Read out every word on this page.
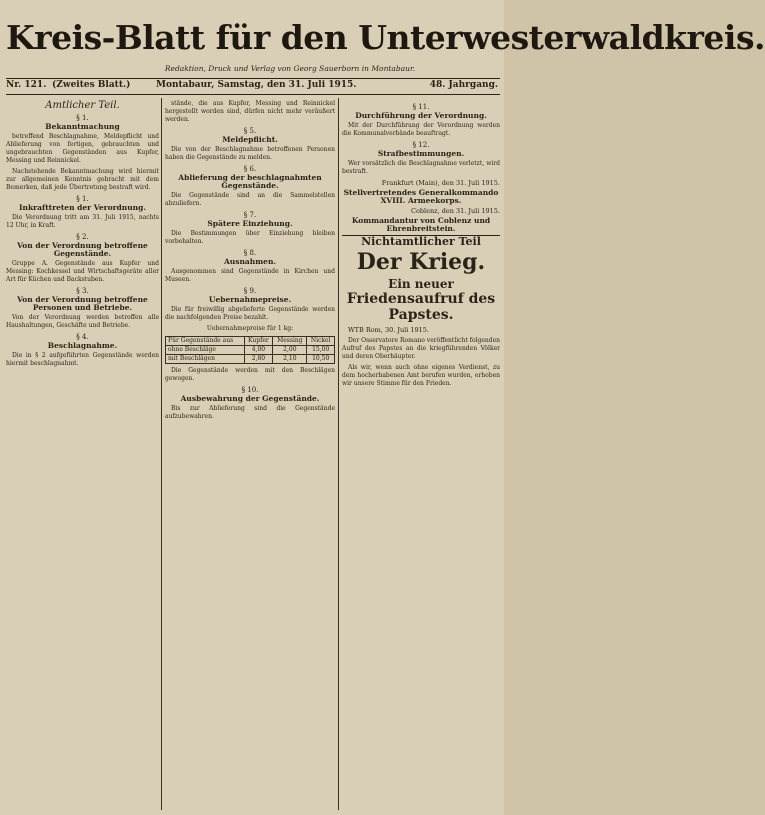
Kreis-Blatt für den Unterwesterwaldkreis.
Redaktion, Druck und Verlag von Georg Sauerborn in Montabaur.
Nr. 121. (Zweites Blatt.)	Montabaur, Samstag, den 31. Juli 1915.	48. Jahrgang.
Amtlicher Teil.
§ 1.
Bekanntmachung

betreffend Beschlagnahme, Meldepflicht und Ablieferung von fertigen, gebrauchten und ungebrauchten Gegenständen aus Kupfer, Messing und Reinnickel.

Nachstehende Bekanntmachung wird hiermit zur allgemeinen Kenntnis gebracht mit dem Bemerken, daß jede Übertretung bestraft wird.

§ 1.
Inkrafttreten der Verordnung.

Die Verordnung tritt am 31. Juli 1915, nachts 12 Uhr, in Kraft.

§ 2.
Von der Verordnung betroffene Gegenstände.

Gruppe A. Gegenstände aus Kupfer und Messing: Kochkessel und Wirtschaftsgeräte aller Art für Küchen und Backstuben.

§ 3.
Von der Verordnung betroffene Personen und Betriebe.

Von der Verordnung werden betroffen alle Haushaltungen, Geschäfte und Betriebe.

§ 4.
Beschlagnahme.

Die in § 2 aufgeführten Gegenstände werden hiermit beschlagnahmt.

stände, die aus Kupfer, Messing und Reinnickel hergestellt worden sind, dürfen nicht mehr veräußert werden.

§ 5.
Meldepflicht.

Die von der Beschlagnahme betroffenen Personen haben die Gegenstände zu melden.

§ 6.
Ablieferung der beschlagnahmten Gegenstände.

Die Gegenstände sind an die Sammelstellen abzuliefern.

§ 7.
Spätere Einziehung.

Die Bestimmungen über Einziehung bleiben vorbehalten.

§ 8.
Ausnahmen.

Ausgenommen sind Gegenstände in Kirchen und Museen.

§ 9.
Uebernahmepreise.

Die für freiwillig abgelieferte Gegenstände werden die nachfolgenden Preise bezahlt.

Uebernahmepreise für 1 kg:
Für Gegenstände aus	Kupfer	Messing	Nickel
ohne Beschläge	4,00	2,00	15,00
mit Beschlägen	2,80	2,10	10,50

Die Gegenstände werden mit den Beschlägen gewogen.

§ 10.
Ausbewahrung der Gegenstände.

Bis zur Ablieferung sind die Gegenstände aufzubewahren.

§ 11.
Durchführung der Verordnung.

Mit der Durchführung der Verordnung werden die Kommunalverbände beauftragt.

§ 12.
Strafbestimmungen.

Wer vorsätzlich die Beschlagnahme verletzt, wird bestraft.

Frankfurt (Main), den 31. Juli 1915.
Stellvertretendes Generalkommando XVIII. Armeekorps.
Coblenz, den 31. Juli 1915.
Kommandantur von Coblenz und Ehrenbreitstein.
Nichtamtlicher Teil
Der Krieg.
Ein neuer
Friedensaufruf des Papstes.
WTB Rom, 30. Juli 1915.

Der Osservatore Romano veröffentlicht folgenden Aufruf des Papstes an die kriegführenden Völker und deren Oberhäupter.

Als wir, wenn auch ohne eigenes Verdienst, zu dem hocherhabenen Amt berufen wurden, erhoben wir unsere Stimme für den Frieden.
